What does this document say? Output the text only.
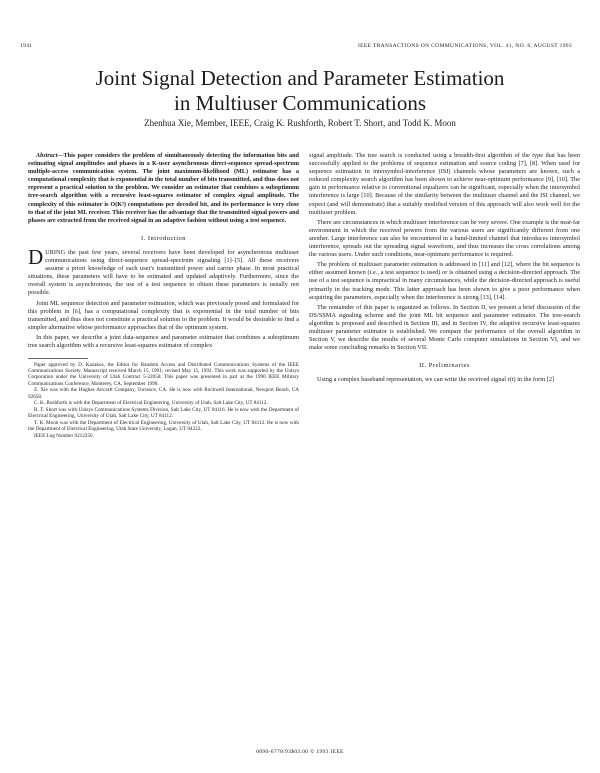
1941	IEEE TRANSACTIONS ON COMMUNICATIONS, VOL. 41, NO. 8, AUGUST 1993
Joint Signal Detection and Parameter Estimation
in Multiuser Communications
Zhenhua Xie, Member, IEEE, Craig K. Rushforth, Robert T. Short, and Todd K. Moon

Abstract—This paper considers the problem of simultaneously detecting the information bits and estimating signal amplitudes and phases in a K-user asynchronous direct-sequence spread-spectrum multiple-access communication system. The joint maximum-likelihood (ML) estimator has a computational complexity that is exponential in the total number of bits transmitted, and thus does not represent a practical solution to the problem. We consider an estimator that combines a suboptimum tree-search algorithm with a recursive least-squares estimator of complex signal amplitude. The complexity of this estimator is O(K²) computations per decoded bit, and its performance is very close to that of the joint ML receiver. This receiver has the advantage that the transmitted signal powers and phases are extracted from the received signal in an adaptive fashion without using a test sequence.

I. Introduction

DURING the past few years, several receivers have been developed for asynchronous multiuser communications using direct-sequence spread-spectrum signaling [1]–[5]. All these receivers assume a priori knowledge of each user's transmitted power and carrier phase. In most practical situations, these parameters will have to be estimated and updated adaptively. Furthermore, since the overall system is asynchronous, the use of a test sequence to obtain these parameters is usually not possible.

Joint ML sequence detection and parameter estimation, which was previously posed and formulated for this problem in [6], has a computational complexity that is exponential in the total number of bits transmitted, and thus does not constitute a practical solution to the problem. It would be desirable to find a simpler alternative whose performance approaches that of the optimum system.

In this paper, we describe a joint data-sequence and parameter estimator that combines a suboptimum tree search algorithm with a recursive least-squares estimator of complex

Paper approved by D. Kazakos, the Editor for Random Access and Distributed Communications Systems of the IEEE Communications Society. Manuscript received March 15, 1991; revised May 15, 1992. This work was supported by the Unisys Corporation under the University of Utah Contract 5-22058. This paper was presented in part at the 1990 IEEE Military Communications Conference, Monterey, CA, September 1990.

Z. Xie was with the Hughes Aircraft Company, Torrance, CA. He is now with Rockwell International, Newport Beach, CA 92658.

C. K. Rushforth is with the Department of Electrical Engineering, University of Utah, Salt Lake City, UT 84112.

R. T. Short was with Unisys Communications Systems Division, Salt Lake City, UT 84116. He is now with the Department of Electrical Engineering, University of Utah, Salt Lake City, UT 84112.

T. K. Moon was with the Department of Electrical Engineering, University of Utah, Salt Lake City, UT 84112. He is now with the Department of Electrical Engineering, Utah State University, Logan, UT 84322.

IEEE Log Number 9212256.

signal amplitude. The tree search is conducted using a breadth-first algorithm of the type that has been successfully applied to the problems of sequence estimation and source coding [7], [8]. When used for sequence estimation in intersymbol-interference (ISI) channels whose parameters are known, such a reduced complexity search algorithm has been shown to achieve near-optimum performance [9], [10]. The gain in performance relative to conventional equalizers can be significant, especially when the intersymbol interference is large [10]. Because of the similarity between the multiuser channel and the ISI channel, we expect (and will demonstrate) that a suitably modified version of this approach will also work well for the multiuser problem.

There are circumstances in which multiuser interference can be very severe. One example is the near-far environment in which the received powers from the various users are significantly different from one another. Large interference can also be encountered in a band-limited channel that introduces intersymbol interference, spreads out the spreading signal waveform, and thus increases the cross correlations among the various users. Under such conditions, near-optimum performance is required.

The problem of multiuser parameter estimation is addressed in [11] and [12], where the bit sequence is either assumed known (i.e., a test sequence is used) or is obtained using a decision-directed approach. The use of a test sequence is impractical in many circumstances, while the decision-directed approach is useful primarily in the tracking mode. This latter approach has been shown to give a poor performance when acquiring the parameters, especially when the interference is strong [13], [14].

The remainder of this paper is organized as follows. In Section II, we present a brief discussion of the DS/SSMA signaling scheme and the joint ML bit sequence and parameter estimator. The tree-search algorithm is proposed and described in Section III, and in Section IV, the adaptive recursive least-squares multiuser parameter estimator is established. We compare the performance of the overall algorithm in Section V, we describe the results of several Monte Carlo computer simulations in Section VI, and we make some concluding remarks in Section VII.

II. Preliminaries

Using a complex baseband representation, we can write the received signal r(t) in the form [2]

0090-6778/93$03.00 © 1993 IEEE
